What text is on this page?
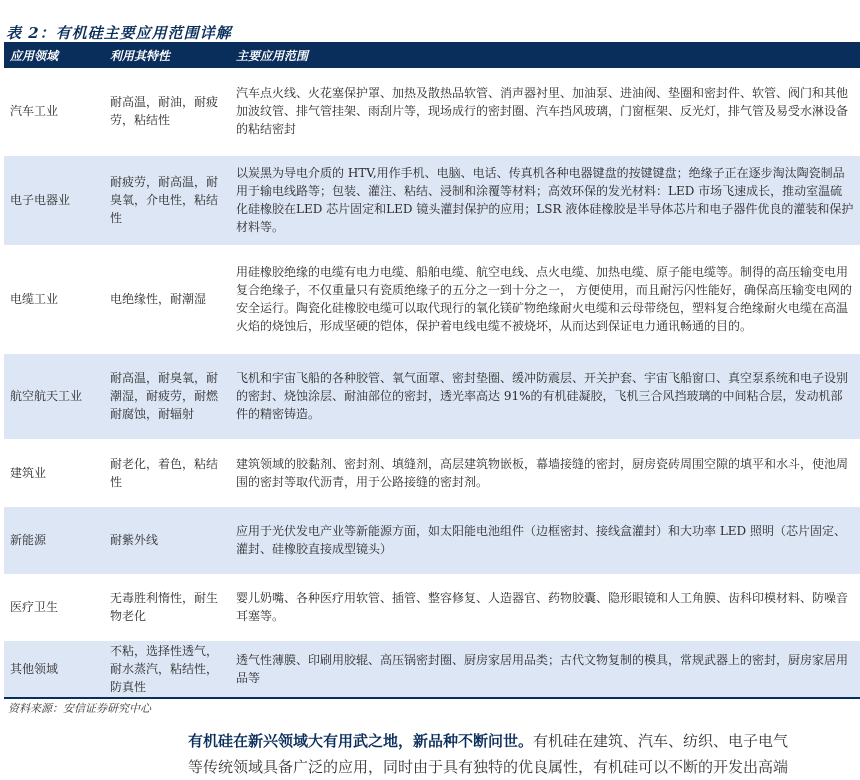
表 2：有机硅主要应用范围详解
应用领域	利用其特性	主要应用范围
汽车工业	耐高温，耐油，耐疲劳，粘结性	汽车点火线、火花塞保护罩、加热及散热品软管、消声器衬里、加油泵、进油阀、垫圈和密封件、软管、阀门和其他加波纹管、排气管挂架、雨刮片等，现场成行的密封圈、汽车挡风玻璃，门窗框架、反光灯，排气管及易受水淋设备的粘结密封
电子电器业	耐疲劳，耐高温，耐臭氧，介电性，粘结性	以炭黑为导电介质的 HTV,用作手机、电脑、电话、传真机各种电器键盘的按键键盘；绝缘子正在逐步淘汰陶瓷制品用于输电线路等；包装、灌注、粘结、浸制和涂覆等材料；高效环保的发光材料：LED 市场飞速成长，推动室温硫化硅橡胶在LED 芯片固定和LED 镜头灌封保护的应用；LSR 液体硅橡胶是半导体芯片和电子器件优良的灌装和保护材料等。
电缆工业	电绝缘性，耐潮湿	用硅橡胶绝缘的电缆有电力电缆、船舶电缆、航空电线、点火电缆、加热电缆、原子能电缆等。制得的高压输变电用复合绝缘子，不仅重量只有瓷质绝缘子的五分之一到十分之一， 方便使用，而且耐污闪性能好，确保高压输变电网的安全运行。陶瓷化硅橡胶电缆可以取代现行的氧化镁矿物绝缘耐火电缆和云母带绕包，塑料复合绝缘耐火电缆在高温火焰的烧蚀后，形成坚硬的铠体，保护着电线电缆不被烧坏，从而达到保证电力通讯畅通的目的。
航空航天工业	耐高温，耐臭氧，耐潮湿，耐疲劳，耐燃耐腐蚀，耐辐射	飞机和宇宙飞船的各种胶管、氧气面罩、密封垫圈、缓冲防震层、开关护套、宇宙飞船窗口、真空泵系统和电子设别的密封、烧蚀涂层、耐油部位的密封，透光率高达 91%的有机硅凝胶，飞机三合风挡玻璃的中间粘合层，发动机部件的精密铸造。
建筑业	耐老化，着色，粘结性	建筑领域的胶黏剂、密封剂、填缝剂，高层建筑物嵌板，幕墙接缝的密封，厨房瓷砖周围空隙的填平和水斗，使池周围的密封等取代沥青，用于公路接缝的密封剂。
新能源	耐紫外线	应用于光伏发电产业等新能源方面，如太阳能电池组件（边框密封、接线盒灌封）和大功率 LED 照明（芯片固定、灌封、硅橡胶直接成型镜头）
医疗卫生	无毒胜利惰性，耐生物老化	婴儿奶嘴、各种医疗用软管、插管、整容修复、人造器官、药物胶囊、隐形眼镜和人工角膜、齿科印模材料、防噪音耳塞等。
其他领域	不粘，选择性透气，耐水蒸汽，粘结性，防真性	透气性薄膜、印刷用胶辊、高压锅密封圈、厨房家居用品类；古代文物复制的模具，常规武器上的密封，厨房家居用品等
资料来源：安信证券研究中心
有机硅在新兴领域大有用武之地，新品种不断问世。有机硅在建筑、汽车、纺织、电子电气
等传统领域具备广泛的应用，同时由于具有独特的优良属性，有机硅可以不断的开发出高端
